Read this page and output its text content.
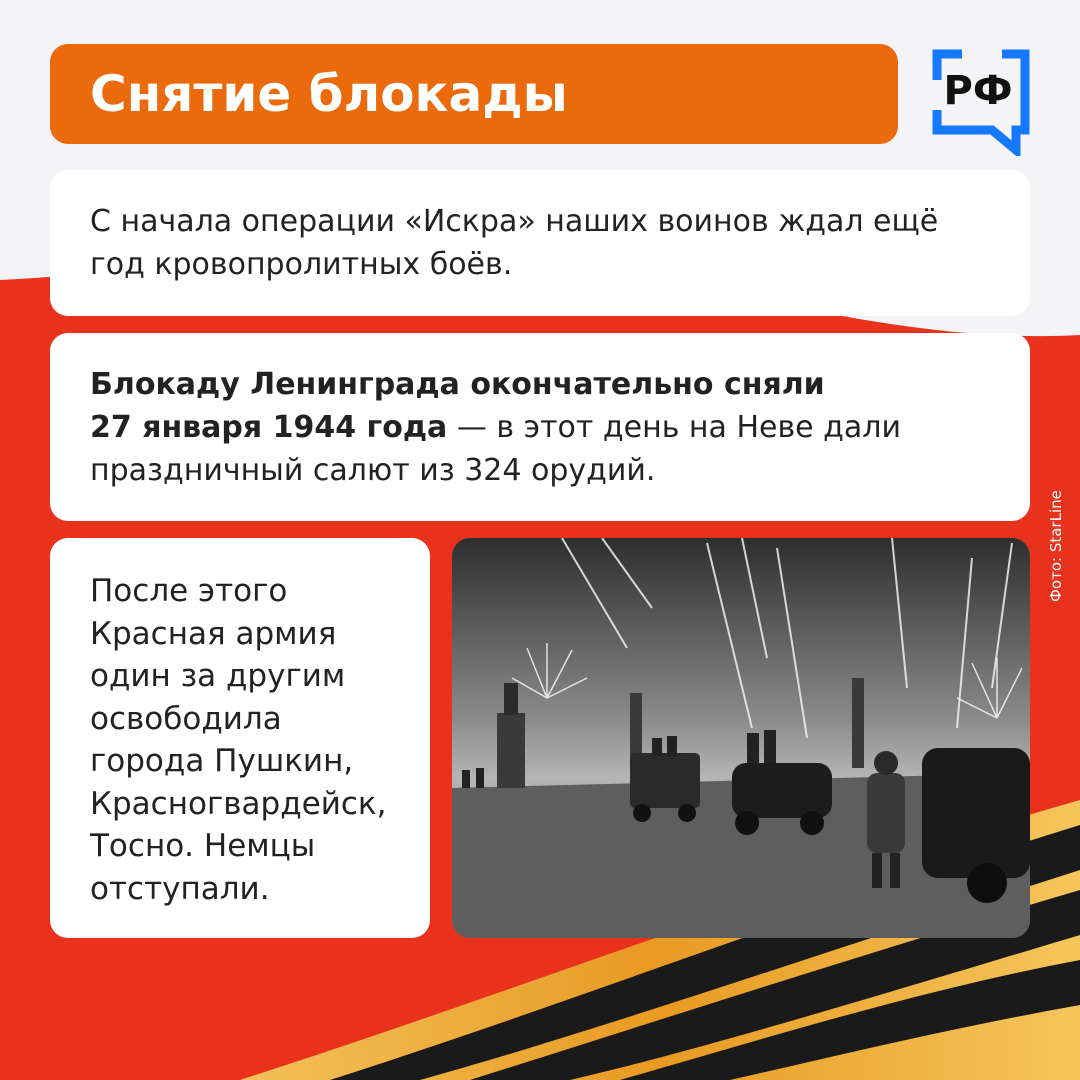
Снятие блокады	РФ
С начала операции «Искра» наших воинов ждал ещё год кровопролитных боёв.
Блокаду Ленинграда окончательно сняли
27 января 1944 года — в этот день на Неве дали праздничный салют из 324 орудий.
После этого Красная армия один за другим освободила города Пушкин, Красногвардейск, Тосно. Немцы отступали.
Фото: StarLine
